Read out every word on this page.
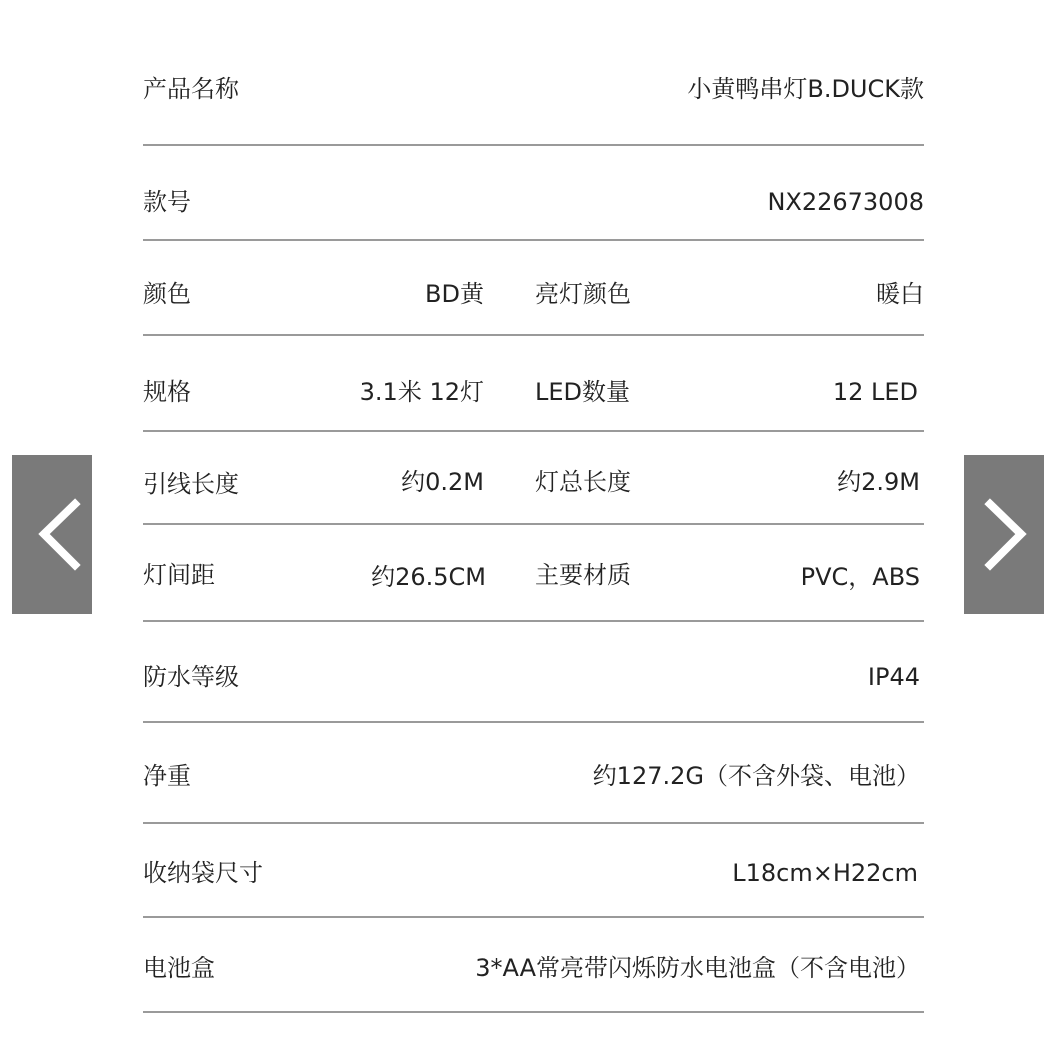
产品名称	小黄鸭串灯B.DUCK款
款号	NX22673008
颜色	BD黄 亮灯颜色	暖白
规格	3.1米 12灯 LED数量	12 LED
引线长度	约0.2M 灯总长度	约2.9M
灯间距	约26.5CM 主要材质	PVC，ABS
防水等级	IP44
净重	约127.2G（不含外袋、电池）
收纳袋尺寸	L18cm×H22cm
电池盒	3*AA常亮带闪烁防水电池盒（不含电池）
